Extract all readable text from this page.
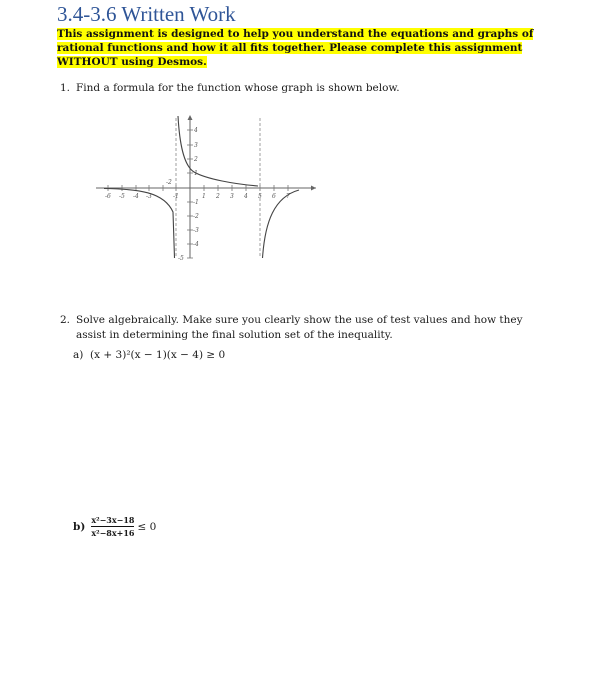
3.4-3.6 Written Work
This assignment is designed to help you understand the equations and graphs of rational functions and how it all fits together. Please complete this assignment WITHOUT using Desmos.
1. Find a formula for the function whose graph is shown below.
-6 -5 -4 -3
-2
-1	1 2 3 4 5 6 7
4
3
2
1
-1
-2
-3
-4
-5
2. Solve algebraically. Make sure you clearly show the use of test values and how they assist in determining the final solution set of the inequality.
a) (x + 3)²(x − 1)(x − 4) ≥ 0
$b) \frac{\text{x²−3x−18}}{\text{x²−8x+16}} \le 0$
